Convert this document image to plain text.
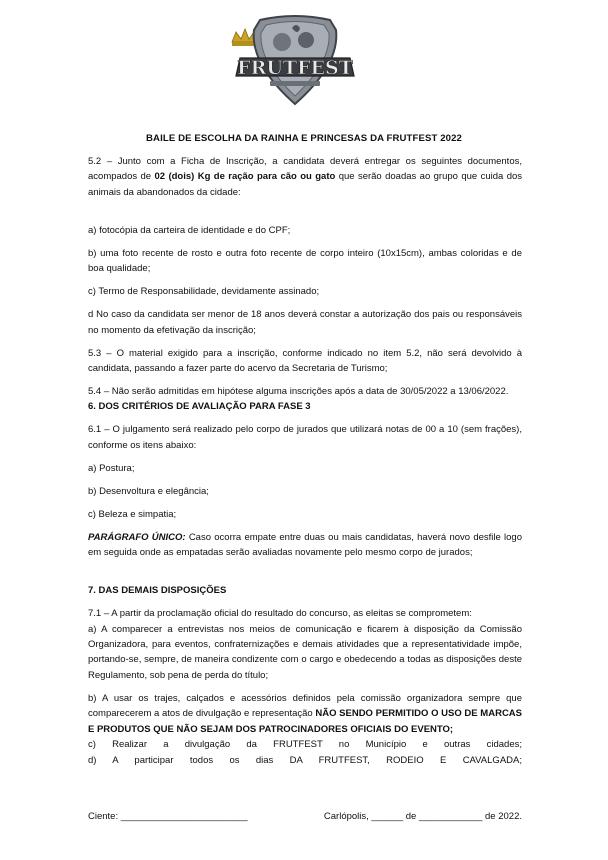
FRUTFEST
BAILE DE ESCOLHA DA RAINHA E PRINCESAS DA FRUTFEST 2022

5.2 – Junto com a Ficha de Inscrição, a candidata deverá entregar os seguintes documentos, acompados de 02 (dois) Kg de ração para cão ou gato que serão doadas ao grupo que cuida dos animais da abandonados da cidade:

a) fotocópia da carteira de identidade e do CPF;

b) uma foto recente de rosto e outra foto recente de corpo inteiro (10x15cm), ambas coloridas e de boa qualidade;

c) Termo de Responsabilidade, devidamente assinado;

d No caso da candidata ser menor de 18 anos deverá constar a autorização dos pais ou responsáveis no momento da efetivação da inscrição;

5.3 – O material exigido para a inscrição, conforme indicado no item 5.2, não será devolvido à candidata, passando a fazer parte do acervo da Secretaria de Turismo;

5.4 – Não serão admitidas em hipótese alguma inscrições após a data de 30/05/2022 a 13/06/2022.

6. DOS CRITÉRIOS DE AVALIAÇÃO PARA FASE 3

6.1 – O julgamento será realizado pelo corpo de jurados que utilizará notas de 00 a 10 (sem frações), conforme os itens abaixo:

a) Postura;

b) Desenvoltura e elegância;

c) Beleza e simpatia;

PARÁGRAFO ÚNICO: Caso ocorra empate entre duas ou mais candidatas, haverá novo desfile logo em seguida onde as empatadas serão avaliadas novamente pelo mesmo corpo de jurados;

7. DAS DEMAIS DISPOSIÇÕES

7.1 – A partir da proclamação oficial do resultado do concurso, as eleitas se comprometem:

a) A comparecer a entrevistas nos meios de comunicação e ficarem à disposição da Comissão Organizadora, para eventos, confraternizações e demais atividades que a representatividade impõe, portando-se, sempre, de maneira condizente com o cargo e obedecendo a todas as disposições deste Regulamento, sob pena de perda do título;

b) A usar os trajes, calçados e acessórios definidos pela comissão organizadora sempre que comparecerem a atos de divulgação e representação NÃO SENDO PERMITIDO O USO DE MARCAS E PRODUTOS QUE NÃO SEJAM DOS PATROCINADORES OFICIAIS DO EVENTO;

c) Realizar a divulgação da FRUTFEST no Município e outras cidades;

d) A participar todos os dias DA FRUTFEST, RODEIO E CAVALGADA;

Ciente: ________________________	Carlópolis, ______ de ____________ de 2022.
